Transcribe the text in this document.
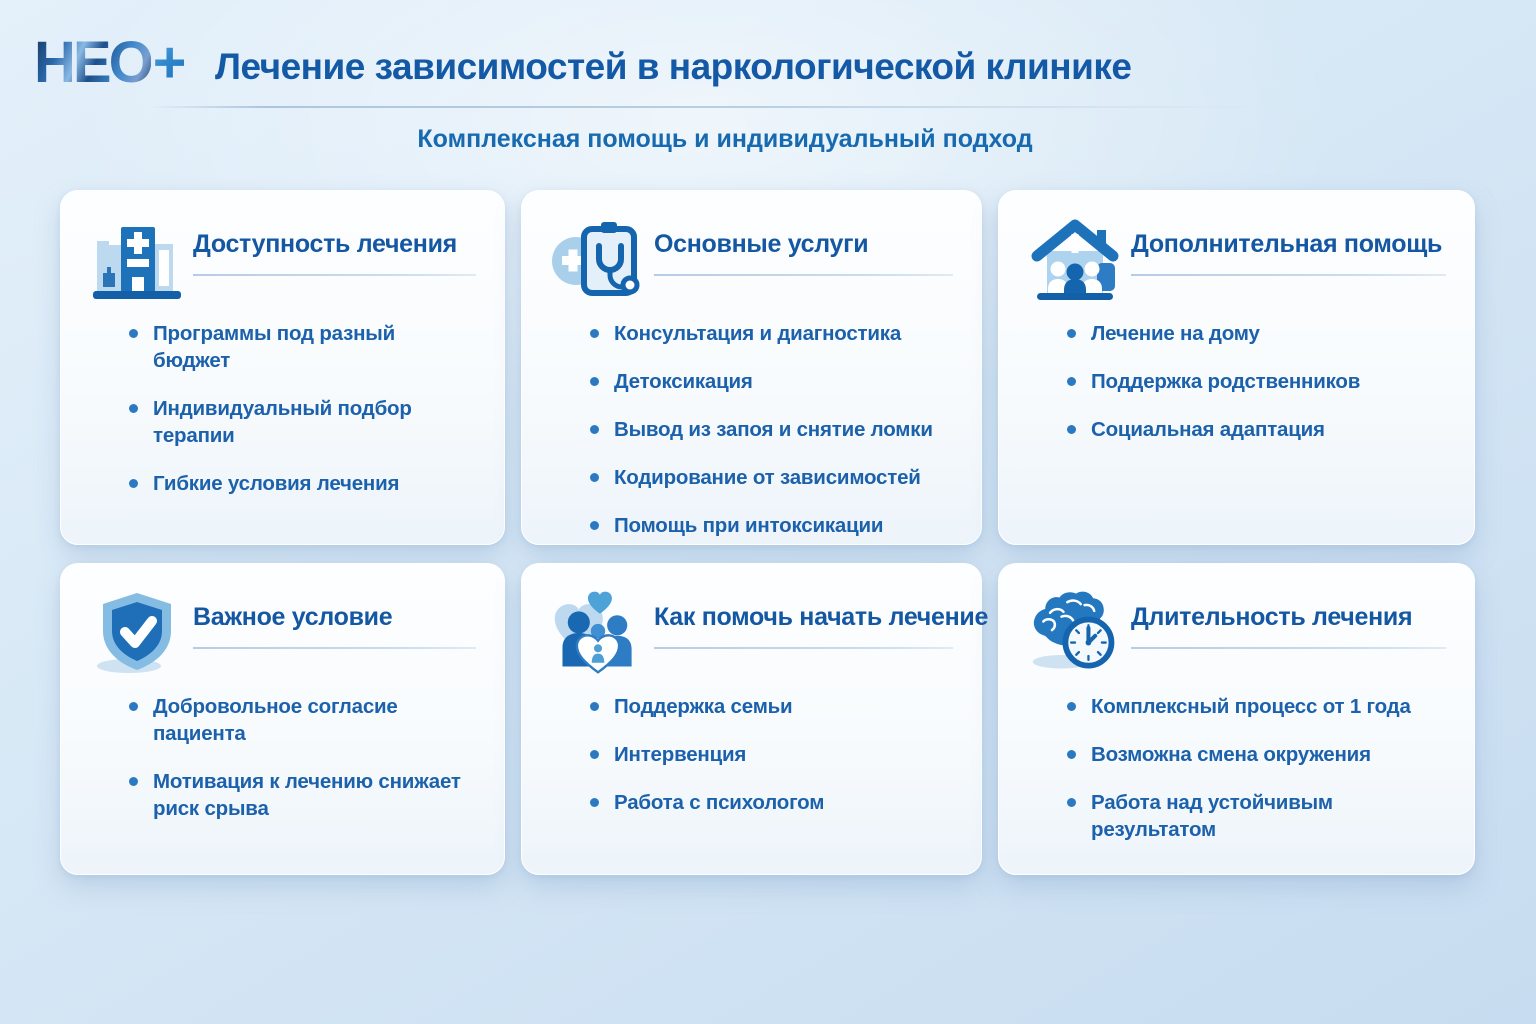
НЕО + Лечение зависимостей в наркологической клинике
Комплексная помощь и индивидуальный подход
Доступность лечения
Программы под разный бюджет
Индивидуальный подбор терапии
Гибкие условия лечения
Основные услуги
Консультация и диагностика
Детоксикация
Вывод из запоя и снятие ломки
Кодирование от зависимостей
Помощь при интоксикации
Дополнительная помощь
Лечение на дому
Поддержка родственников
Социальная адаптация
Важное условие
Добровольное согласие пациента
Мотивация к лечению снижает риск срыва
Как помочь начать лечение
Поддержка семьи
Интервенция
Работа с психологом
Длительность лечения
Комплексный процесс от 1 года
Возможна смена окружения
Работа над устойчивым результатом
